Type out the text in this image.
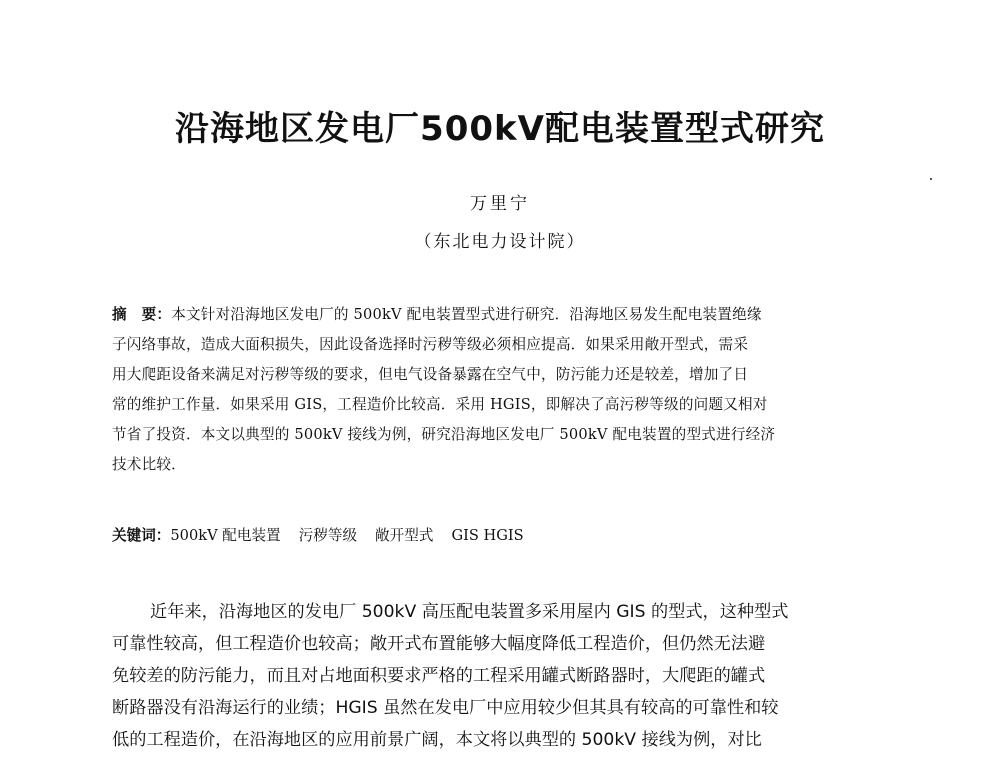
沿海地区发电厂500kV配电装置型式研究
万里宁
（东北电力设计院）
摘　要：本文针对沿海地区发电厂的 500kV 配电装置型式进行研究．沿海地区易发生配电装置绝缘
子闪络事故，造成大面积损失，因此设备选择时污秽等级必须相应提高．如果采用敞开型式，需采
用大爬距设备来满足对污秽等级的要求，但电气设备暴露在空气中，防污能力还是较差，增加了日
常的维护工作量．如果采用 GIS，工程造价比较高．采用 HGIS，即解决了高污秽等级的问题又相对
节省了投资．本文以典型的 500kV 接线为例，研究沿海地区发电厂 500kV 配电装置的型式进行经济
技术比较．
关键词：500kV 配电装置 污秽等级 敞开型式 GIS HGIS
近年来，沿海地区的发电厂 500kV 高压配电装置多采用屋内 GIS 的型式，这种型式
可靠性较高，但工程造价也较高；敞开式布置能够大幅度降低工程造价，但仍然无法避
免较差的防污能力，而且对占地面积要求严格的工程采用罐式断路器时，大爬距的罐式
断路器没有沿海运行的业绩；HGIS 虽然在发电厂中应用较少但其具有较高的可靠性和较
低的工程造价，在沿海地区的应用前景广阔，本文将以典型的 500kV 接线为例，对比
